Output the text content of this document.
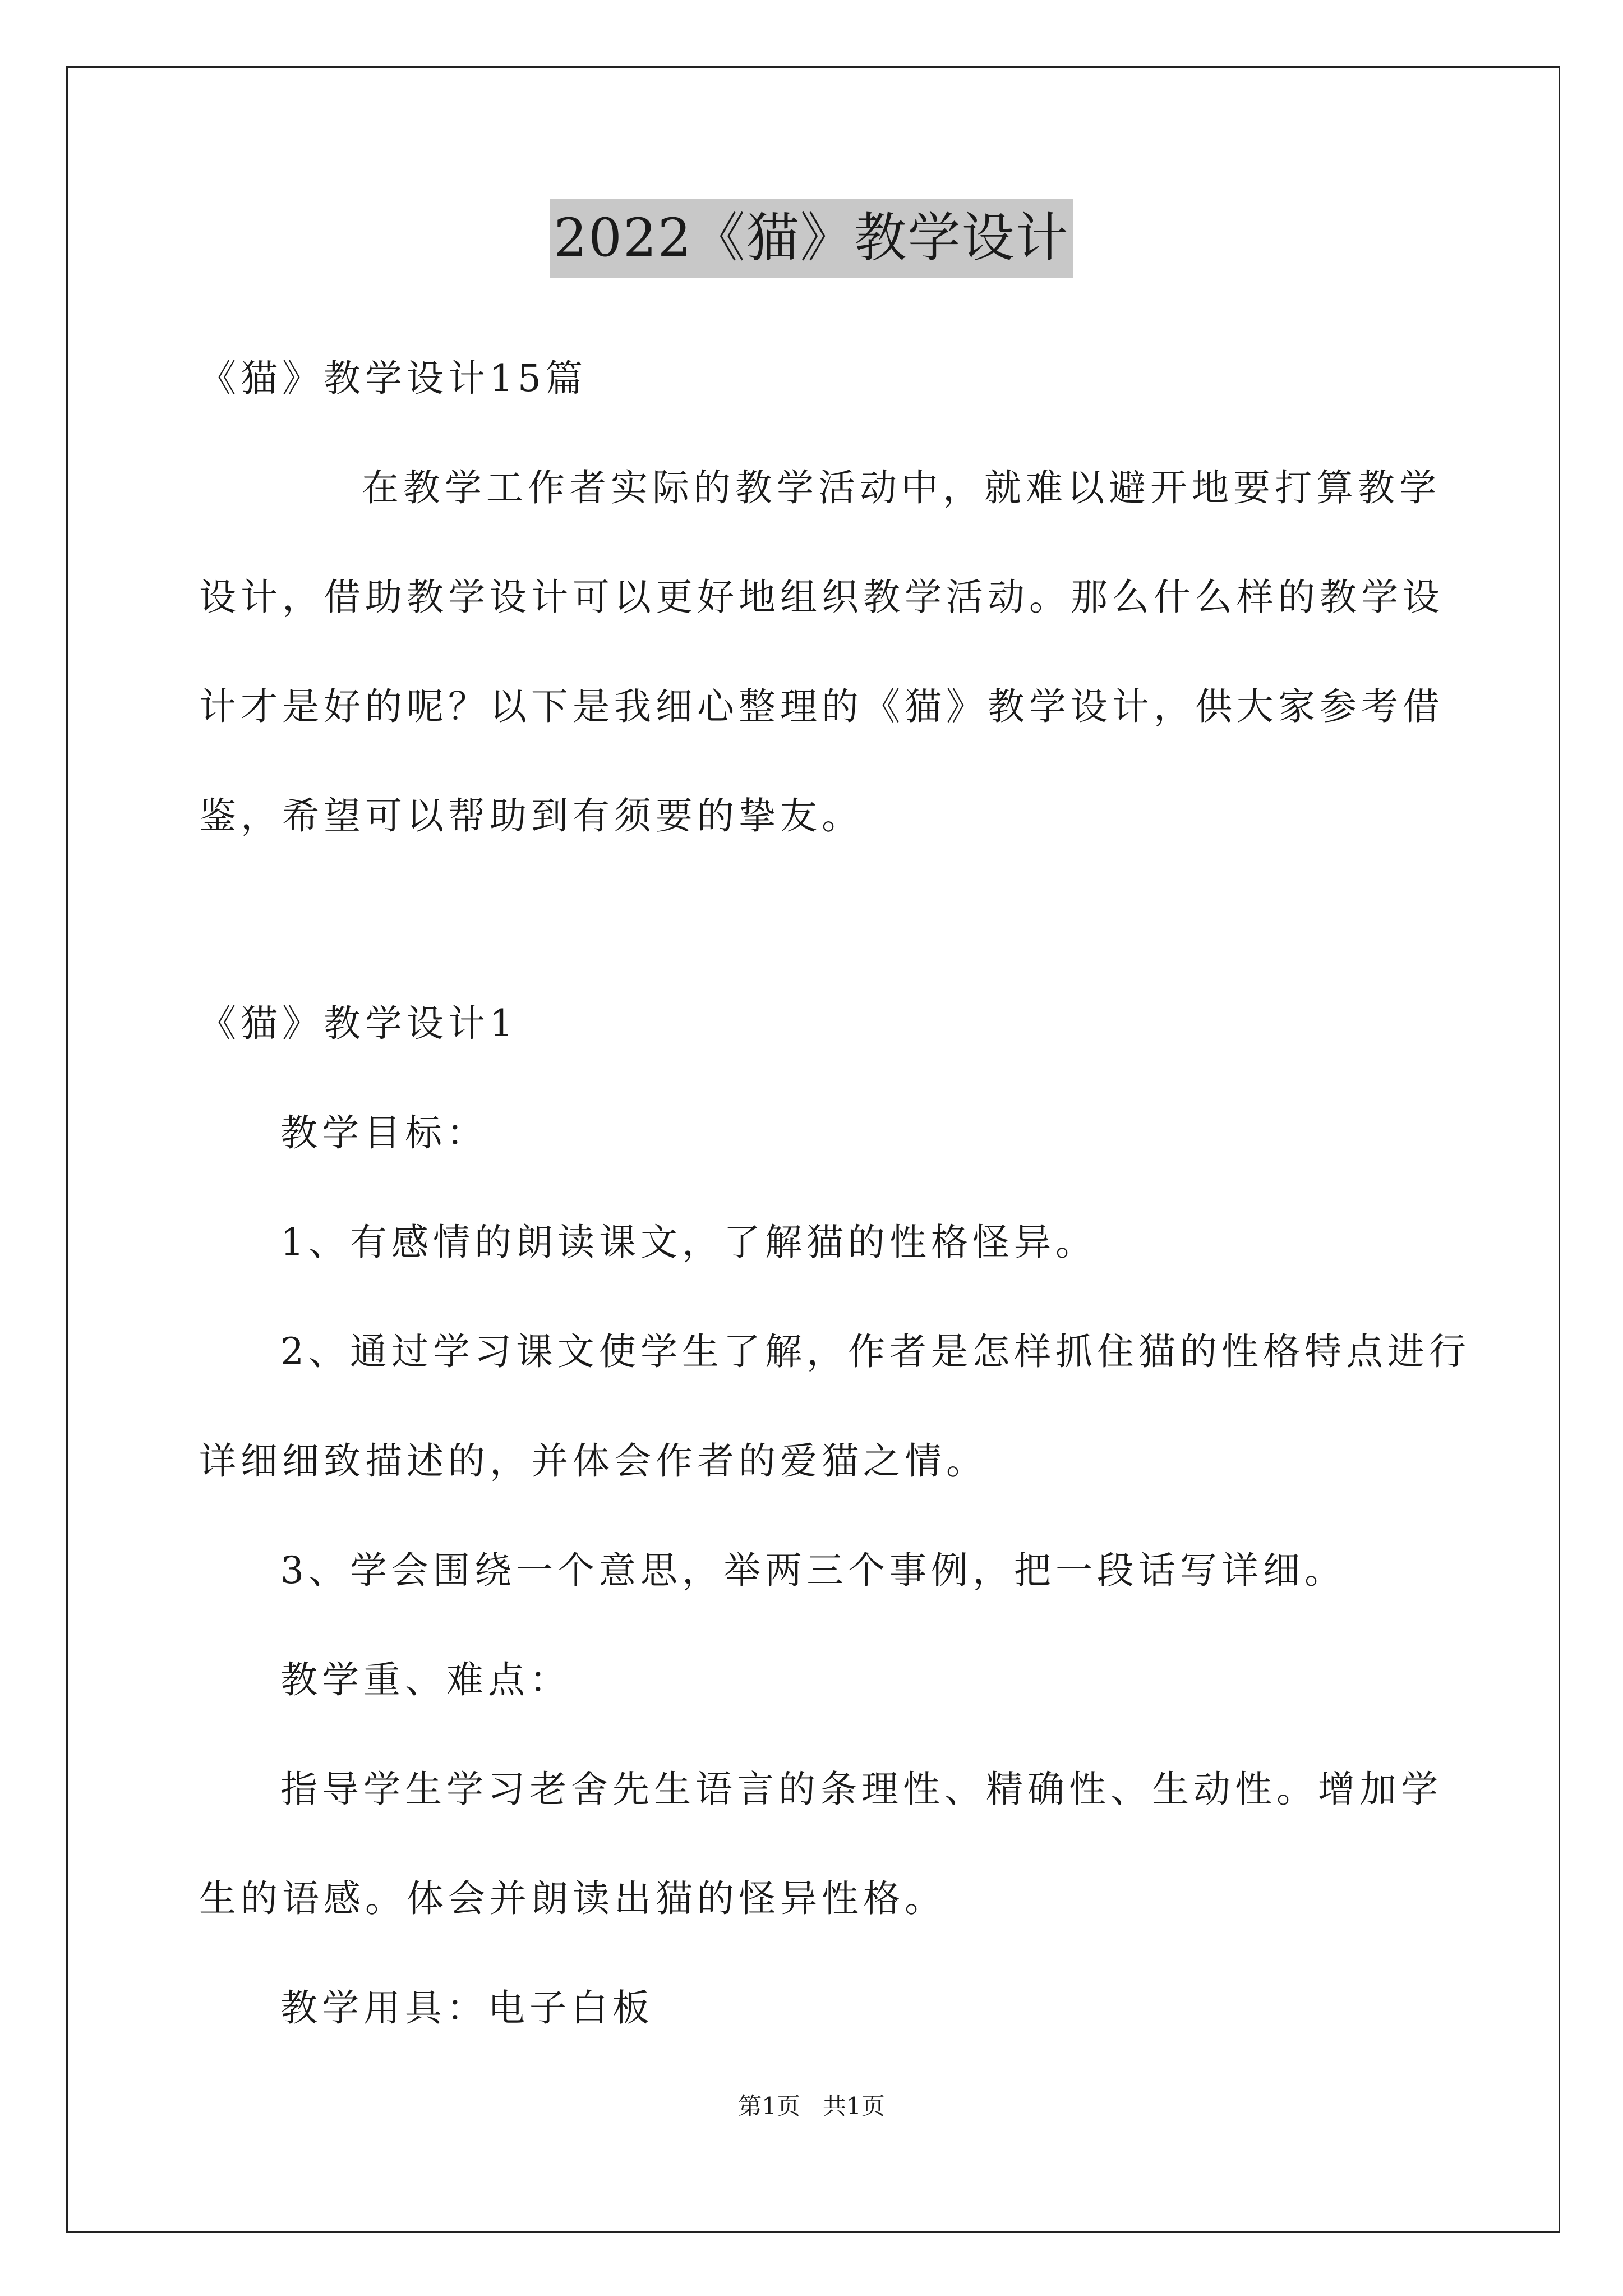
2022《猫》教学设计
《猫》教学设计15篇
在教学工作者实际的教学活动中，就难以避开地要打算教学
设计，借助教学设计可以更好地组织教学活动。那么什么样的教学设
计才是好的呢？以下是我细心整理的《猫》教学设计，供大家参考借
鉴，希望可以帮助到有须要的挚友。
《猫》教学设计1
教学目标：
1、有感情的朗读课文，了解猫的性格怪异。
2、通过学习课文使学生了解，作者是怎样抓住猫的性格特点进行
详细细致描述的，并体会作者的爱猫之情。
3、学会围绕一个意思，举两三个事例，把一段话写详细。
教学重、难点：
指导学生学习老舍先生语言的条理性、精确性、生动性。增加学
生的语感。体会并朗读出猫的怪异性格。
教学用具：电子白板
第1页   共1页
